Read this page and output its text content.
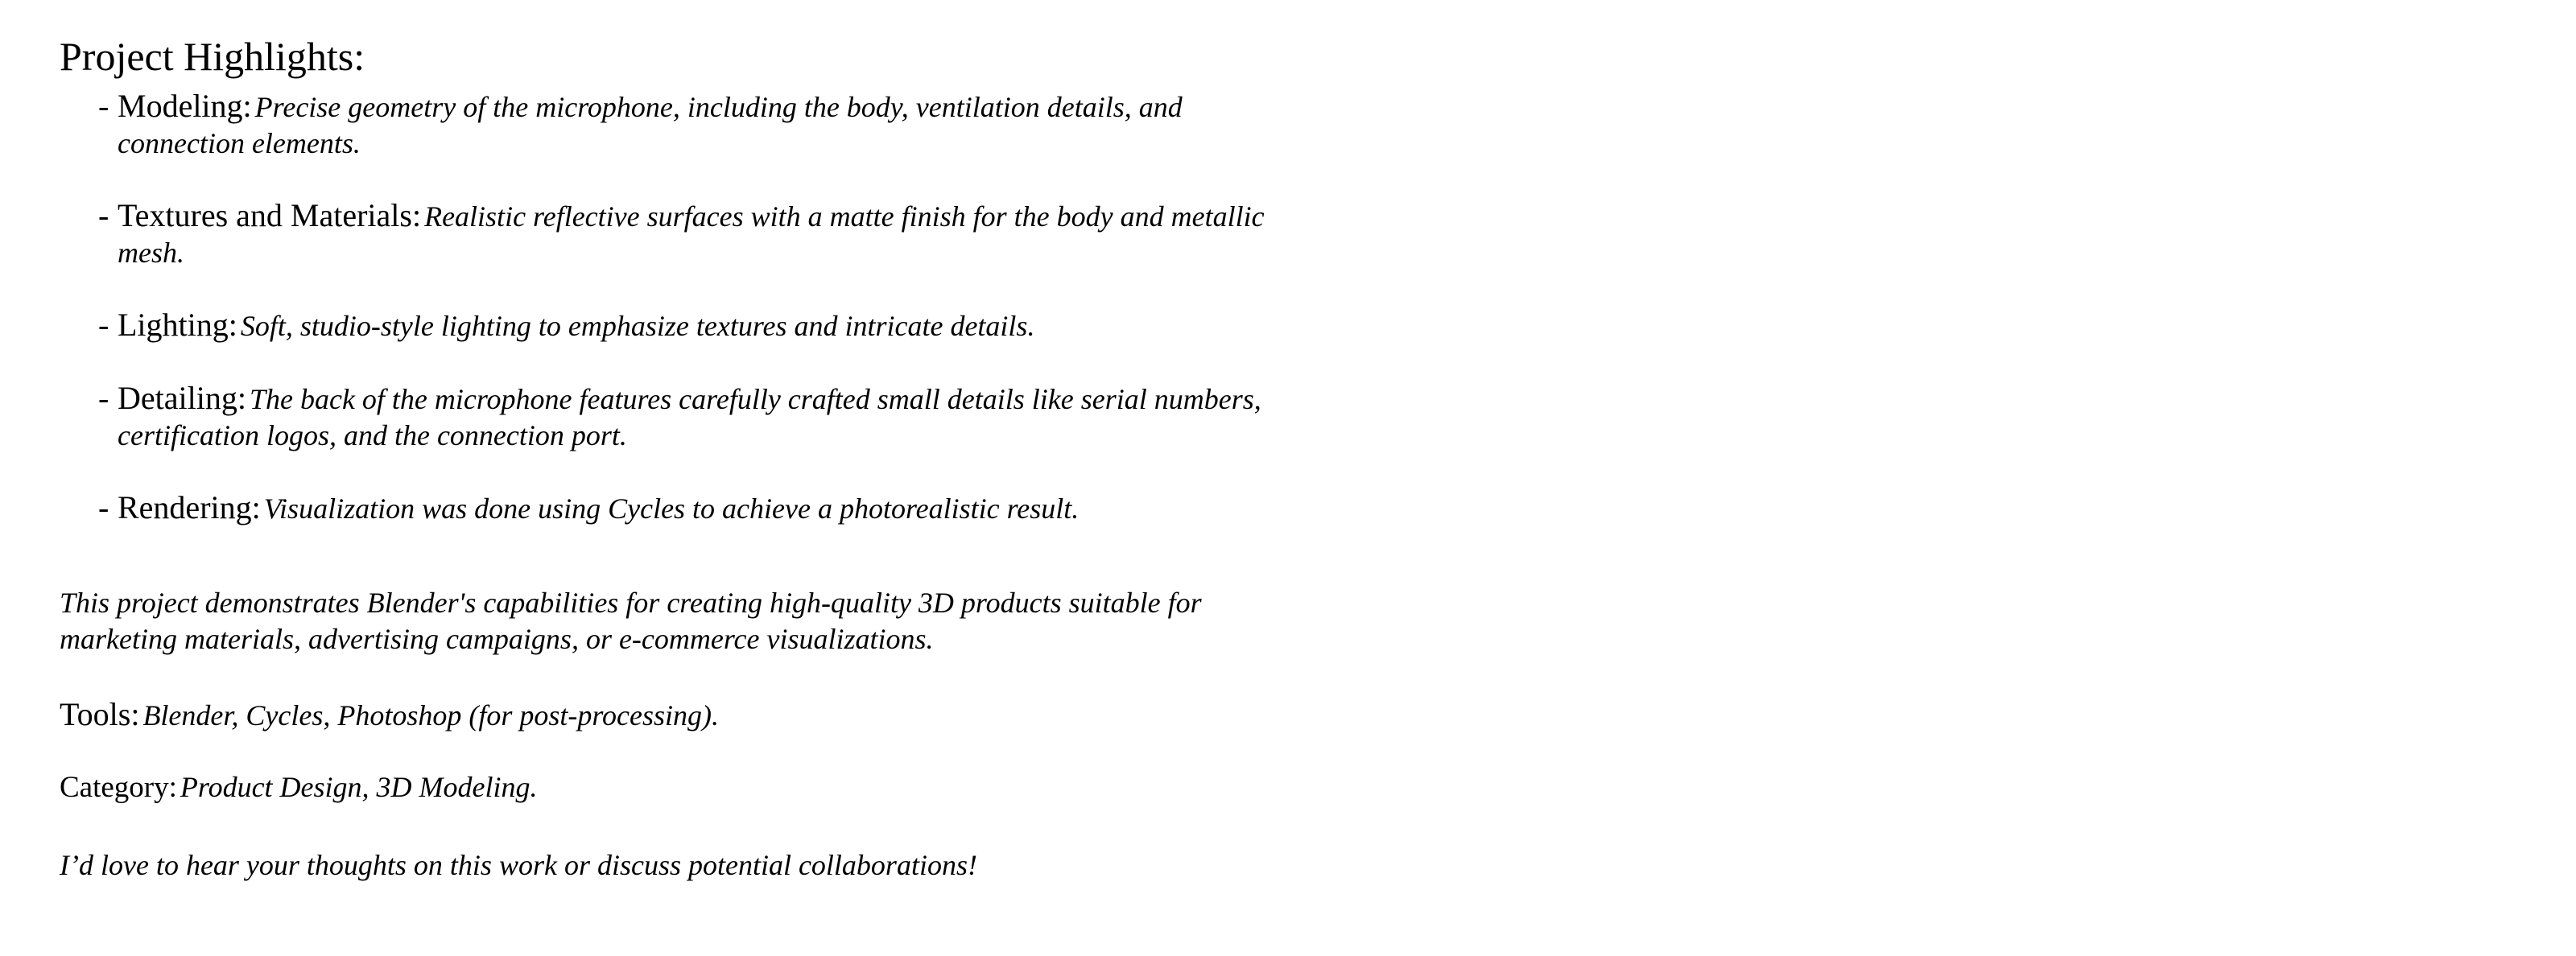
Project Highlights:
- Modeling: Precise geometry of the microphone, including the body, ventilation details, and connection elements.
- Textures and Materials: Realistic reflective surfaces with a matte finish for the body and metallic mesh.
- Lighting: Soft, studio-style lighting to emphasize textures and intricate details.
- Detailing: The back of the microphone features carefully crafted small details like serial numbers, certification logos, and the connection port.
- Rendering: Visualization was done using Cycles to achieve a photorealistic result.

This project demonstrates Blender's capabilities for creating high-quality 3D products suitable for marketing materials, advertising campaigns, or e-commerce visualizations.

Tools: Blender, Cycles, Photoshop (for post-processing).

Category: Product Design, 3D Modeling.

I’d love to hear your thoughts on this work or discuss potential collaborations!
